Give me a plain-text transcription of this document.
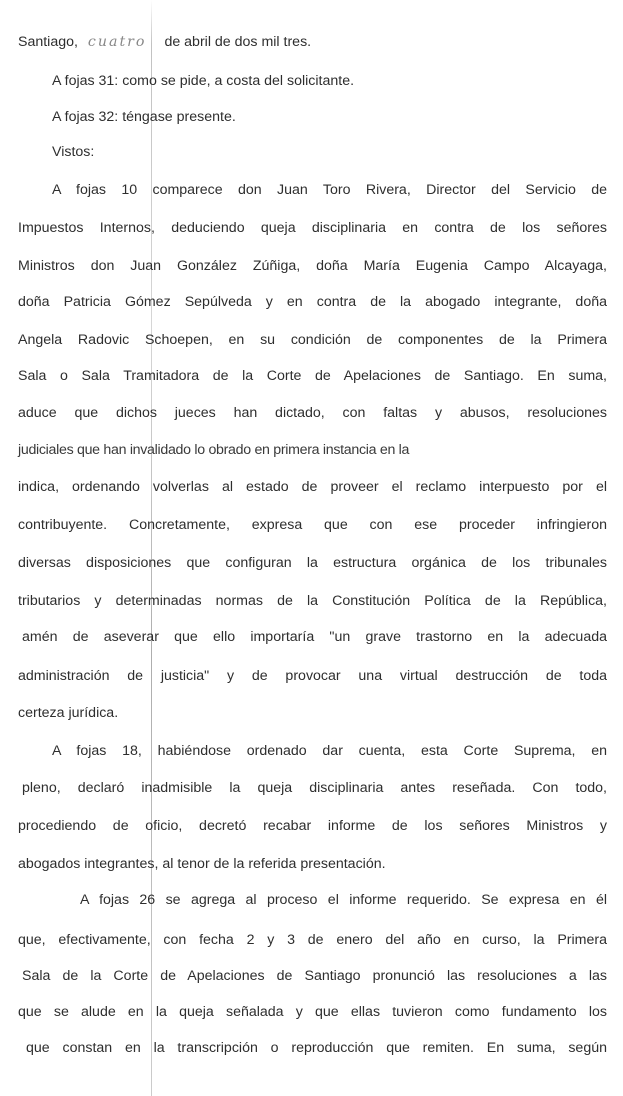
Santiago, cuatro de abril de dos mil tres.
A fojas 31: como se pide, a costa del solicitante.
A fojas 32: téngase presente.
Vistos:
A fojas 10 comparece don Juan Toro Rivera, Director del Servicio de
Impuestos Internos, deduciendo queja disciplinaria en contra de los señores
Ministros don Juan González Zúñiga, doña María Eugenia Campo Alcayaga,
doña Patricia Gómez Sepúlveda y en contra de la abogado integrante, doña
Angela Radovic Schoepen, en su condición de componentes de la Primera
Sala o Sala Tramitadora de la Corte de Apelaciones de Santiago. En suma,
aduce que dichos jueces han dictado, con faltas y abusos, resoluciones
judiciales que han invalidado lo obrado en primera instancia en la
indica, ordenando volverlas al estado de proveer el reclamo interpuesto por el
contribuyente. Concretamente, expresa que con ese proceder infringieron
diversas disposiciones que configuran la estructura orgánica de los tribunales
tributarios y determinadas normas de la Constitución Política de la República,
amén de aseverar que ello importaría "un grave trastorno en la adecuada
administración de justicia" y de provocar una virtual destrucción de toda
certeza jurídica.
A fojas 18, habiéndose ordenado dar cuenta, esta Corte Suprema, en
pleno, declaró inadmisible la queja disciplinaria antes reseñada. Con todo,
procediendo de oficio, decretó recabar informe de los señores Ministros y
abogados integrantes, al tenor de la referida presentación.
A fojas 26 se agrega al proceso el informe requerido. Se expresa en él
que, efectivamente, con fecha 2 y 3 de enero del año en curso, la Primera
Sala de la Corte de Apelaciones de Santiago pronunció las resoluciones a las
que se alude en la queja señalada y que ellas tuvieron como fundamento los
que constan en la transcripción o reproducción que remiten. En suma, según
